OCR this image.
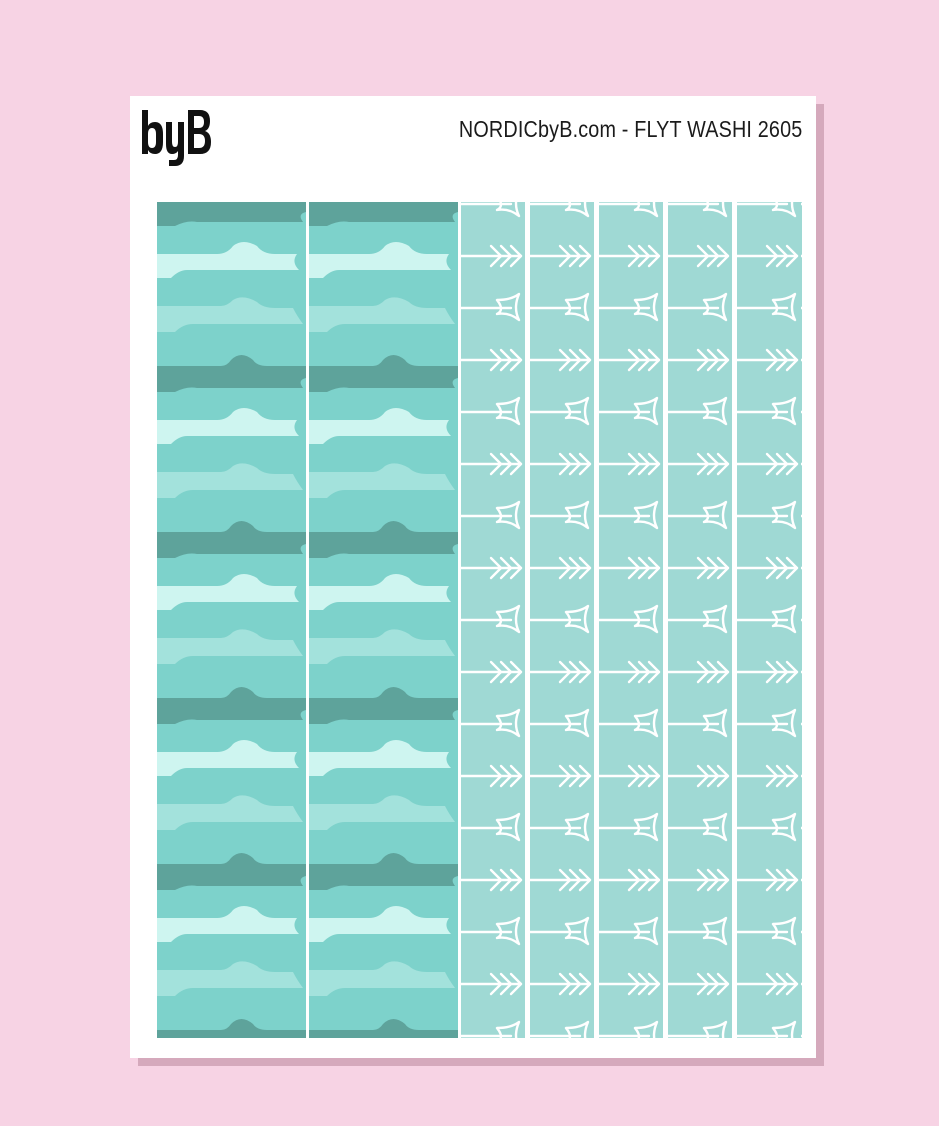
NORDICbyB.com - FLYT WASHI 2605
